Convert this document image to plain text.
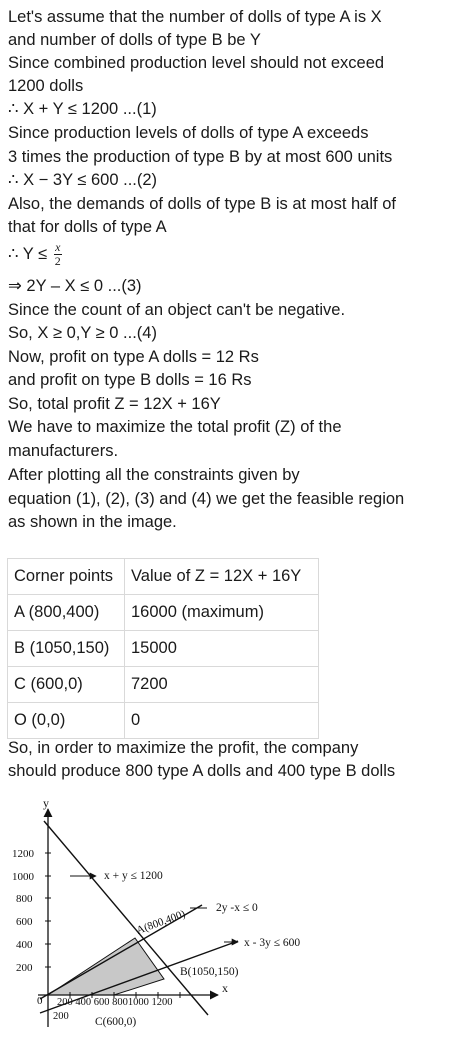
Let's assume that the number of dolls of type A is X
and number of dolls of type B be Y
Since combined production level should not exceed
1200 dolls
∴ X + Y ≤ 1200 ...(1)
Since production levels of dolls of type A exceeds
3 times the production of type B by at most 600 units
∴ X − 3Y ≤ 600 ...(2)
Also, the demands of dolls of type B is at most half of
that for dolls of type A
∴ $Y \le \frac{x}{2}$
⇒ 2Y – X ≤ 0 ...(3)
Since the count of an object can't be negative.
So, X ≥ 0,Y ≥ 0 ...(4)
Now, profit on type A dolls = 12 Rs
and profit on type B dolls = 16 Rs
So, total profit Z = 12X + 16Y
We have to maximize the total profit (Z) of the
manufacturers.
After plotting all the constraints given by
equation (1), (2), (3) and (4) we get the feasible region
as shown in the image.
Corner points	Value of Z = 12X + 16Y
A (800,400)	16000 (maximum)
B (1050,150)	15000
C (600,0)	7200
O (0,0)	0
So, in order to maximize the profit, the company
should produce 800 type A dolls and 400 type B dolls
x
y
1200
1000
800
600
400
200
200 400 600 8001000 1200
0
200
x + y ≤ 1200
2y -x ≤ 0
x - 3y ≤ 600
A(800,400)
B(1050,150)
C(600,0)
